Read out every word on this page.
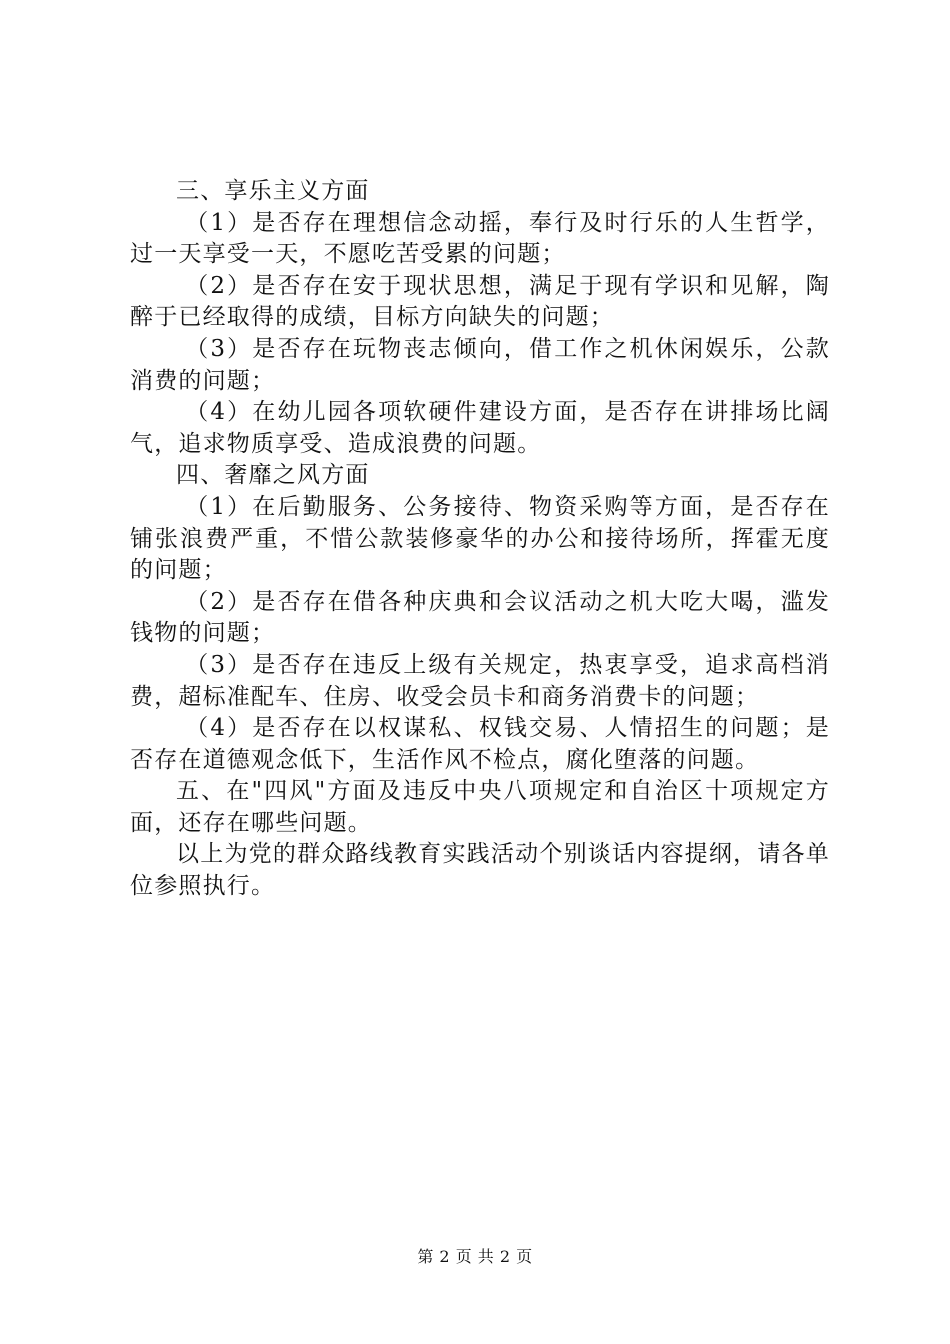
三、享乐主义方面

（1）是否存在理想信念动摇，奉行及时行乐的人生哲学，过一天享受一天，不愿吃苦受累的问题；

（2）是否存在安于现状思想，满足于现有学识和见解，陶醉于已经取得的成绩，目标方向缺失的问题；

（3）是否存在玩物丧志倾向，借工作之机休闲娱乐，公款消费的问题；

（4）在幼儿园各项软硬件建设方面，是否存在讲排场比阔气，追求物质享受、造成浪费的问题。

四、奢靡之风方面

（1）在后勤服务、公务接待、物资采购等方面，是否存在铺张浪费严重，不惜公款装修豪华的办公和接待场所，挥霍无度的问题；

（2）是否存在借各种庆典和会议活动之机大吃大喝，滥发钱物的问题；

（3）是否存在违反上级有关规定，热衷享受，追求高档消费，超标准配车、住房、收受会员卡和商务消费卡的问题；

（4）是否存在以权谋私、权钱交易、人情招生的问题；是否存在道德观念低下，生活作风不检点，腐化堕落的问题。

五、在"四风"方面及违反中央八项规定和自治区十项规定方面，还存在哪些问题。

以上为党的群众路线教育实践活动个别谈话内容提纲，请各单位参照执行。

第 2 页 共 2 页
